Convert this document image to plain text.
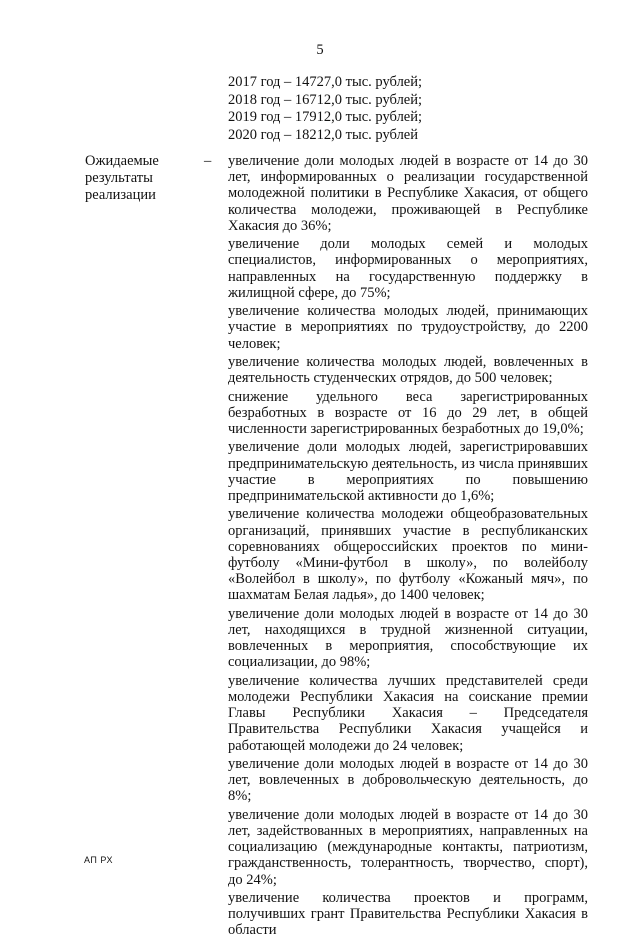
5
2017 год – 14727,0 тыс. рублей;
2018 год – 16712,0 тыс. рублей;
2019 год – 17912,0 тыс. рублей;
2020 год – 18212,0 тыс. рублей
Ожидаемые
результаты
реализации
– увеличение доли молодых людей в возрасте от 14 до 30 лет, информированных о реализации государственной молодежной политики в Республике Хакасия, от общего количества молодежи, проживающей в Республике Хакасия до 36%;

увеличение доли молодых семей и молодых специалистов, информированных о мероприятиях, направленных на государственную поддержку в жилищной сфере, до 75%;

увеличение количества молодых людей, принимающих участие в мероприятиях по трудоустройству, до 2200 человек;

увеличение количества молодых людей, вовлеченных в деятельность студенческих отрядов, до 500 человек;

снижение удельного веса зарегистрированных безработных в возрасте от 16 до 29 лет, в общей численности зарегистрированных безработных до 19,0%;

увеличение доли молодых людей, зарегистрировавших предпринимательскую деятельность, из числа принявших участие в мероприятиях по повышению предпринимательской активности до 1,6%;

увеличение количества молодежи общеобразовательных организаций, принявших участие в республиканских соревнованиях общероссийских проектов по мини-футболу «Мини-футбол в школу», по волейболу «Волейбол в школу», по футболу «Кожаный мяч», по шахматам Белая ладья», до 1400 человек;

увеличение доли молодых людей в возрасте от 14 до 30 лет, находящихся в трудной жизненной ситуации, вовлеченных в мероприятия, способствующие их социализации, до 98%;

увеличение количества лучших представителей среди молодежи Республики Хакасия на соискание премии Главы Республики Хакасия – Председателя Правительства Республики Хакасия учащейся и работающей молодежи до 24 человек;

увеличение доли молодых людей в возрасте от 14 до 30 лет, вовлеченных в добровольческую деятельность, до 8%;

увеличение доли молодых людей в возрасте от 14 до 30 лет, задействованных в мероприятиях, направленных на социализацию (международные контакты, патриотизм, гражданственность, толерантность, творчество, спорт), до 24%;

увеличение количества проектов и программ, получивших грант Правительства Республики Хакасия в области

АП РХ
